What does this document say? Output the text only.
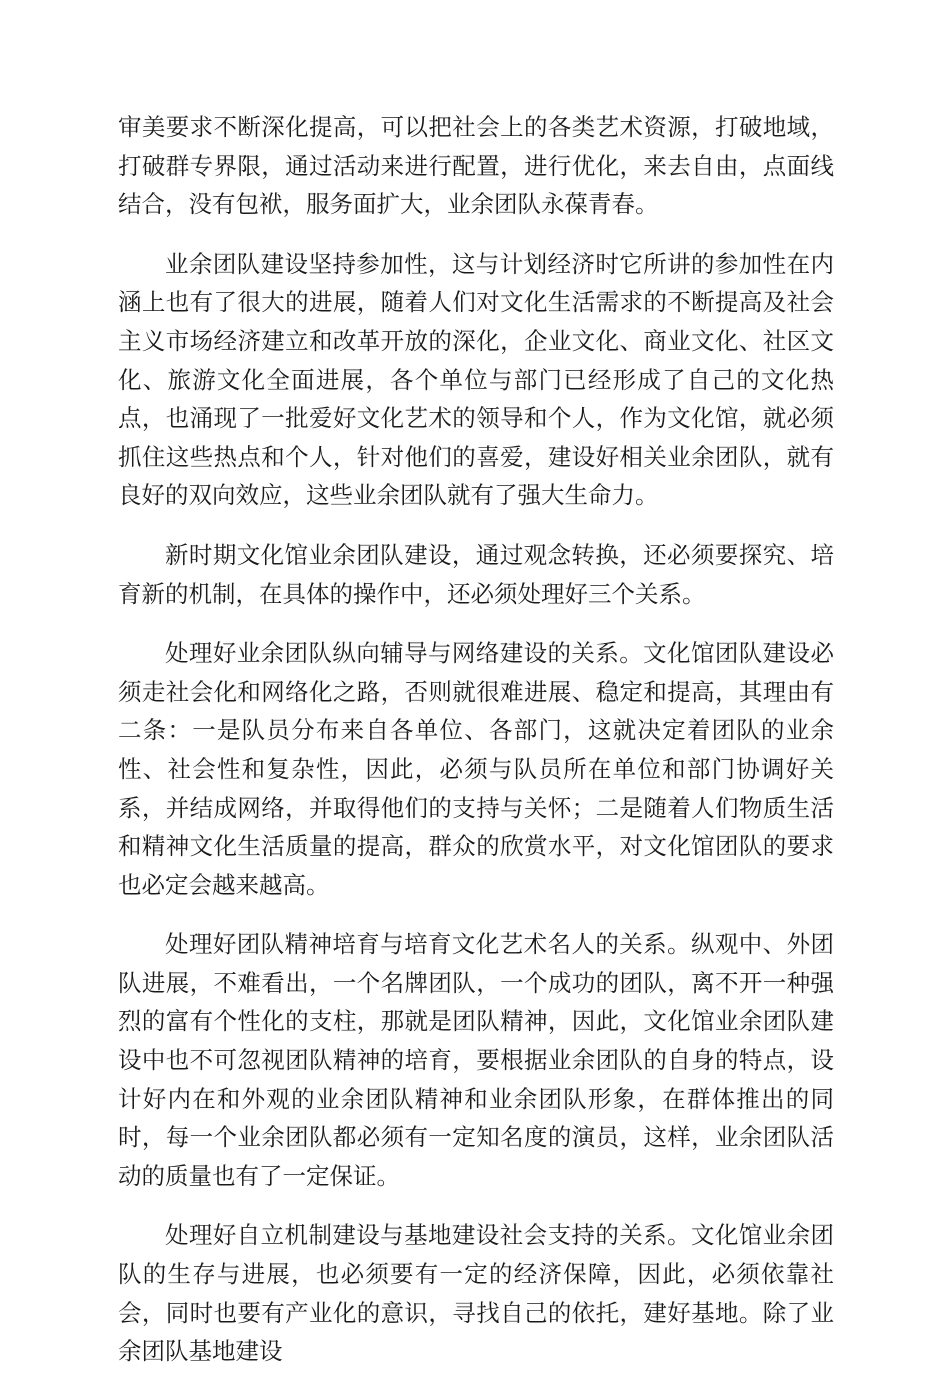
审美要求不断深化提高，可以把社会上的各类艺术资源，打破地域，打破群专界限，通过活动来进行配置，进行优化，来去自由，点面线结合，没有包袱，服务面扩大，业余团队永葆青春。

业余团队建设坚持参加性，这与计划经济时它所讲的参加性在内涵上也有了很大的进展，随着人们对文化生活需求的不断提高及社会主义市场经济建立和改革开放的深化，企业文化、商业文化、社区文化、旅游文化全面进展，各个单位与部门已经形成了自己的文化热点，也涌现了一批爱好文化艺术的领导和个人，作为文化馆，就必须抓住这些热点和个人，针对他们的喜爱，建设好相关业余团队，就有良好的双向效应，这些业余团队就有了强大生命力。

新时期文化馆业余团队建设，通过观念转换，还必须要探究、培育新的机制，在具体的操作中，还必须处理好三个关系。

处理好业余团队纵向辅导与网络建设的关系。文化馆团队建设必须走社会化和网络化之路，否则就很难进展、稳定和提高，其理由有二条：一是队员分布来自各单位、各部门，这就决定着团队的业余性、社会性和复杂性，因此，必须与队员所在单位和部门协调好关系，并结成网络，并取得他们的支持与关怀；二是随着人们物质生活和精神文化生活质量的提高，群众的欣赏水平，对文化馆团队的要求也必定会越来越高。

处理好团队精神培育与培育文化艺术名人的关系。纵观中、外团队进展，不难看出，一个名牌团队，一个成功的团队，离不开一种强烈的富有个性化的支柱，那就是团队精神，因此，文化馆业余团队建设中也不可忽视团队精神的培育，要根据业余团队的自身的特点，设计好内在和外观的业余团队精神和业余团队形象，在群体推出的同时，每一个业余团队都必须有一定知名度的演员，这样，业余团队活动的质量也有了一定保证。

处理好自立机制建设与基地建设社会支持的关系。文化馆业余团队的生存与进展，也必须要有一定的经济保障，因此，必须依靠社会，同时也要有产业化的意识，寻找自己的依托，建好基地。除了业余团队基地建设
